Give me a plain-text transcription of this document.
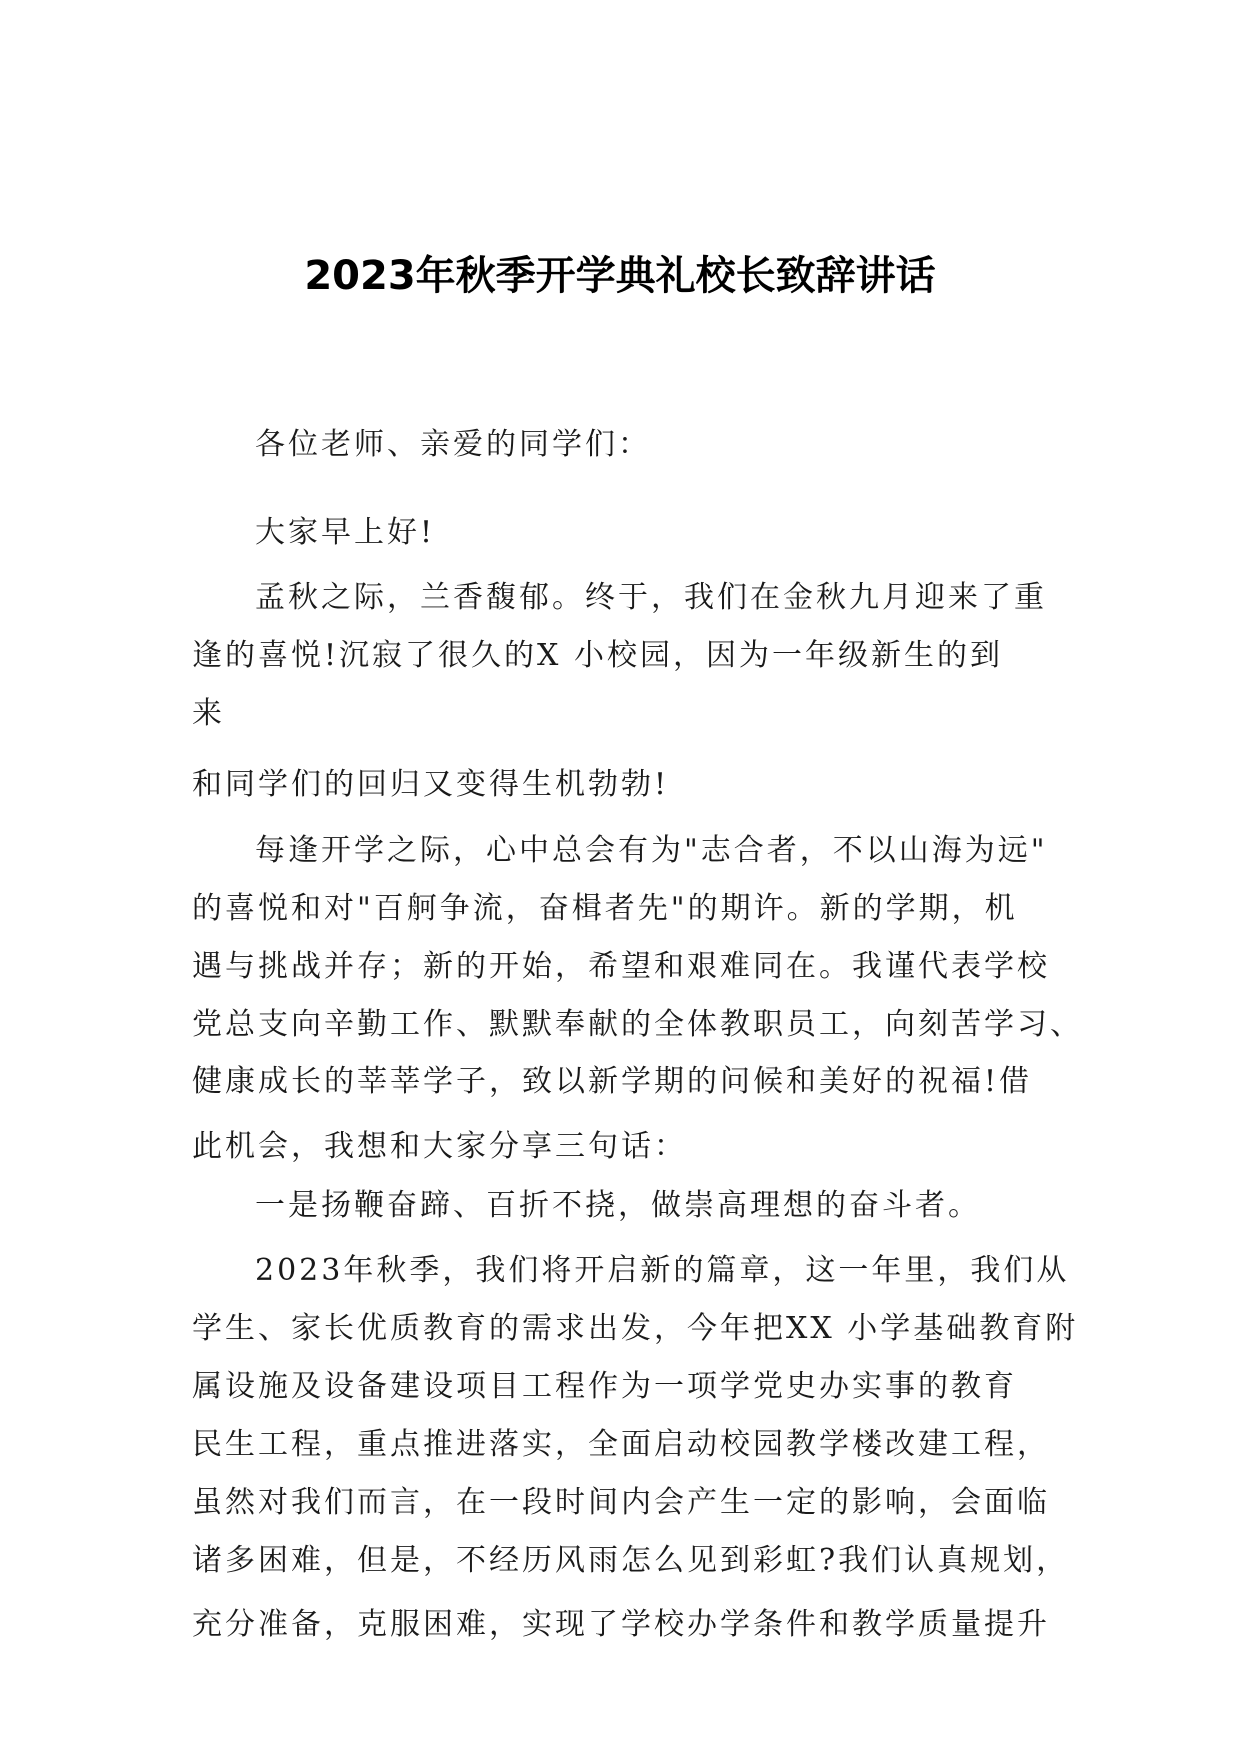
2023年秋季开学典礼校长致辞讲话
各位老师、亲爱的同学们：
大家早上好!
孟秋之际，兰香馥郁。终于，我们在金秋九月迎来了重
逢的喜悦!沉寂了很久的X 小校园，因为一年级新生的到
来
和同学们的回归又变得生机勃勃!
每逢开学之际，心中总会有为"志合者，不以山海为远"
的喜悦和对"百舸争流，奋楫者先"的期许。新的学期，机
遇与挑战并存；新的开始，希望和艰难同在。我谨代表学校
党总支向辛勤工作、默默奉献的全体教职员工，向刻苦学习、
健康成长的莘莘学子，致以新学期的问候和美好的祝福!借
此机会，我想和大家分享三句话：
一是扬鞭奋蹄、百折不挠，做崇高理想的奋斗者。
2023年秋季，我们将开启新的篇章，这一年里，我们从
学生、家长优质教育的需求出发，今年把XX 小学基础教育附
属设施及设备建设项目工程作为一项学党史办实事的教育
民生工程，重点推进落实，全面启动校园教学楼改建工程，
虽然对我们而言，在一段时间内会产生一定的影响，会面临
诸多困难，但是，不经历风雨怎么见到彩虹?我们认真规划，
充分准备，克服困难，实现了学校办学条件和教学质量提升
